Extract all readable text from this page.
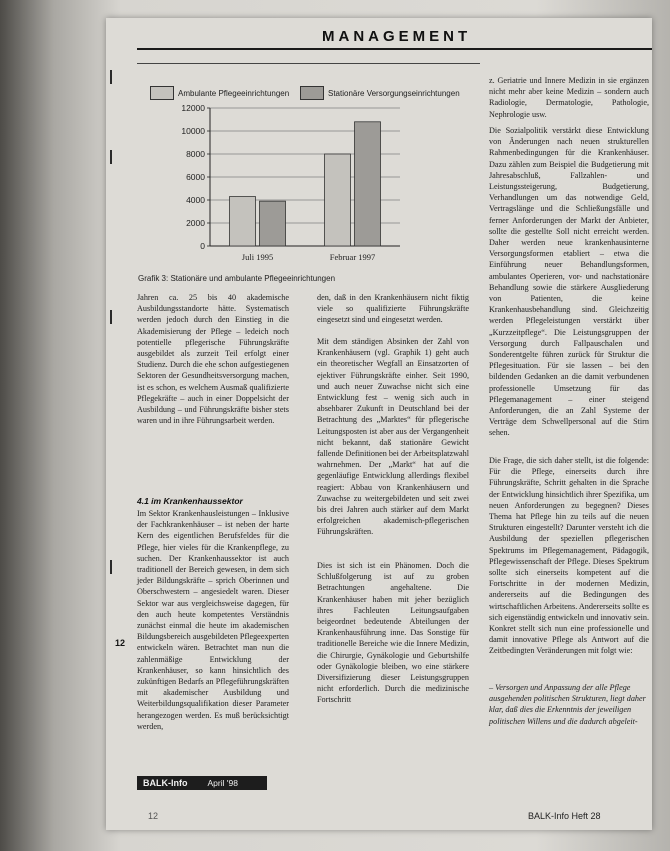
MANAGEMENT
Ambulante Pflegeeinrichtungen	Stationäre Versorgungseinrichtungen
12000
10000
8000
6000
4000
2000
0
Juli 1995	Februar 1997
Grafik 3: Stationäre und ambulante Pflegeeinrichtungen
Jahren ca. 25 bis 40 akademische Ausbildungsstandorte hätte. Systematisch werden jedoch durch den Einstieg in die Akademisierung der Pflege – ledeich noch potentielle pflegerische Führungskräfte ausgebildet als zurzeit Teil erfolgt einer Studienz. Durch die ehe schon aufgestiegenen Sektoren der Gesundheitsversorgung machen, ist es schon, es welchem Ausmaß qualifizierte Pflegekräfte – auch in einer Doppelsicht der Ausbildung – und Führungskräfte bisher stets waren und in ihre Führungsarbeit werden.
4.1 im Krankenhaussektor
Im Sektor Krankenhausleistungen – Inklusive der Fachkrankenhäuser – ist neben der harte Kern des eigentlichen Berufsfeldes für die Pflege, hier vieles für die Krankenpflege, zu suchen. Der Krankenhaussektor ist auch traditionell der Bereich gewesen, in dem sich jeder Bildungskräfte – sprich Oberinnen und Oberschwestern – angesiedelt waren. Dieser Sektor war aus vergleichsweise dagegen, für den auch heute kompetentes Verständnis zunächst einmal die heute im akademischen Bildungsbereich ausgebildeten Pflegeexperten entwickeln wären. Betrachtet man nun die zahlenmäßige Entwicklung der Krankenhäuser, so kann hinsichtlich des zukünftigen Bedarfs an Pflegeführungskräften mit akademischer Ausbildung und Weiterbildungsqualifikation dieser Parameter herangezogen werden. Es muß berücksichtigt werden,
den, daß in den Krankenhäusern nicht fiktig viele so qualifizierte Führungskräfte eingesetzt sind und eingesetzt werden.
Mit dem ständigen Absinken der Zahl von Krankenhäusern (vgl. Graphik 1) geht auch ein theoretischer Wegfall an Einsatzorten of ejektiver Führungskräfte einher. Seit 1990, und auch neuer Zuwachse nicht sich eine Entwicklung fest – wenig sich auch in absehbarer Zukunft in Deutschland bei der Betrachtung des „Marktes“ für pflegerische Leitungsposten ist aber aus der Vergangenheit nicht bekannt, daß stationäre Gewicht fallende Definitionen bei der Arbeitsplatzwahl wahrnehmen. Der „Markt“ hat auf die gegenläufige Entwicklung allerdings flexibel reagiert: Abbau von Krankenhäusern und Zuwachse zu weitergebildeten und seit zwei bis drei Jahren auch stärker auf dem Markt erfolgreichen akademisch-pflegerischen Führungskräften.
Dies ist sich ist ein Phänomen. Doch die Schlußfolgerung ist auf zu groben Betrachtungen angehaltene. Die Krankenhäuser haben mit jeher bezüglich ihres Fachleuten Leitungsaufgaben beigeordnet bedeutende Abteilungen der Krankenhausführung inne. Das Sonstige für traditionelle Bereiche wie die Innere Medizin, die Chirurgie, Gynäkologie und Geburtshilfe oder Gynäkologie bleiben, wo eine stärkere Diversifizierung dieser Leistungsgruppen nicht erforderlich. Durch die medizinische Fortschritt
z. Geriatrie und Innere Medizin in sie ergänzen nicht mehr aber keine Medizin – sondern auch Radiologie, Dermatologie, Pathologie, Nephrologie usw.
Die Sozialpolitik verstärkt diese Entwicklung von Änderungen nach neuen strukturellen Rahmenbedingungen für die Krankenhäuser. Dazu zählen zum Beispiel die Budgetierung mit Jahresabschluß, Fallzahlen- und Leistungssteigerung, Budgetierung, Verhandlungen um das notwendige Geld, Vertragslänge und die Schließungsfälle und ferner Anforderungen der Markt der Anbieter, sollte die gestellte Soll nicht erreicht werden. Daher werden neue krankenhausinterne Versorgungsformen etabliert – etwa die Einführung neuer Behandlungsformen, ambulantes Operieren, vor- und nachstationäre Behandlung sowie die stärkere Ausgliederung von Patienten, die keine Krankenhausbehandlung sind. Gleichzeitig werden Pflegeleistungen verstärkt über „Kurzzeitpflege“. Die Leistungsgruppen der Versorgung durch Fallpauschalen und Sonderentgelte führen zurück für Struktur die Pflegesituation. Für sie lassen – bei den bildenden Gedanken an die damit verbundenen professionelle Umsetzung für das Pflegemanagement – einer steigend Anforderungen, die an Zahl Systeme der Verträge dem Schwellpersonal auf die Stirn sehen.
Die Frage, die sich daher stellt, ist die folgende: Für die Pflege, einerseits durch ihre Führungskräfte, Schritt gehalten in die Sprache der Entwicklung hinsichtlich ihrer Spezifika, um neuen Anforderungen zu begegnen? Dieses Thema hat Pflege hin zu teils auf die neuen Strukturen eingestellt? Darunter versteht ich die Ausbildung der speziellen pflegerischen Spektrums im Pflegemanagement, Pädagogik, Pflegewissenschaft der Pflege. Dieses Spektrum sollte sich einerseits kompetent auf die Fortschritte in der modernen Medizin, andererseits auf die Bedingungen des wirtschaftlichen Arbeitens. Andererseits sollte es sich eigenständig entwickeln und innovativ sein. Konkret stellt sich nun eine professionelle und damit innovative Pflege als Antwort auf die Zeitbedingten Veränderungen mit folgt wie:
– Versorgen und Anpassung der alle Pflege ausgehenden politischen Strukturen, liegt daher klar, daß dies die Erkenntnis der jeweiligen politischen Willens und die dadurch abgeleit-
12
BALK-Info April '98
12	BALK-Info Heft 28
